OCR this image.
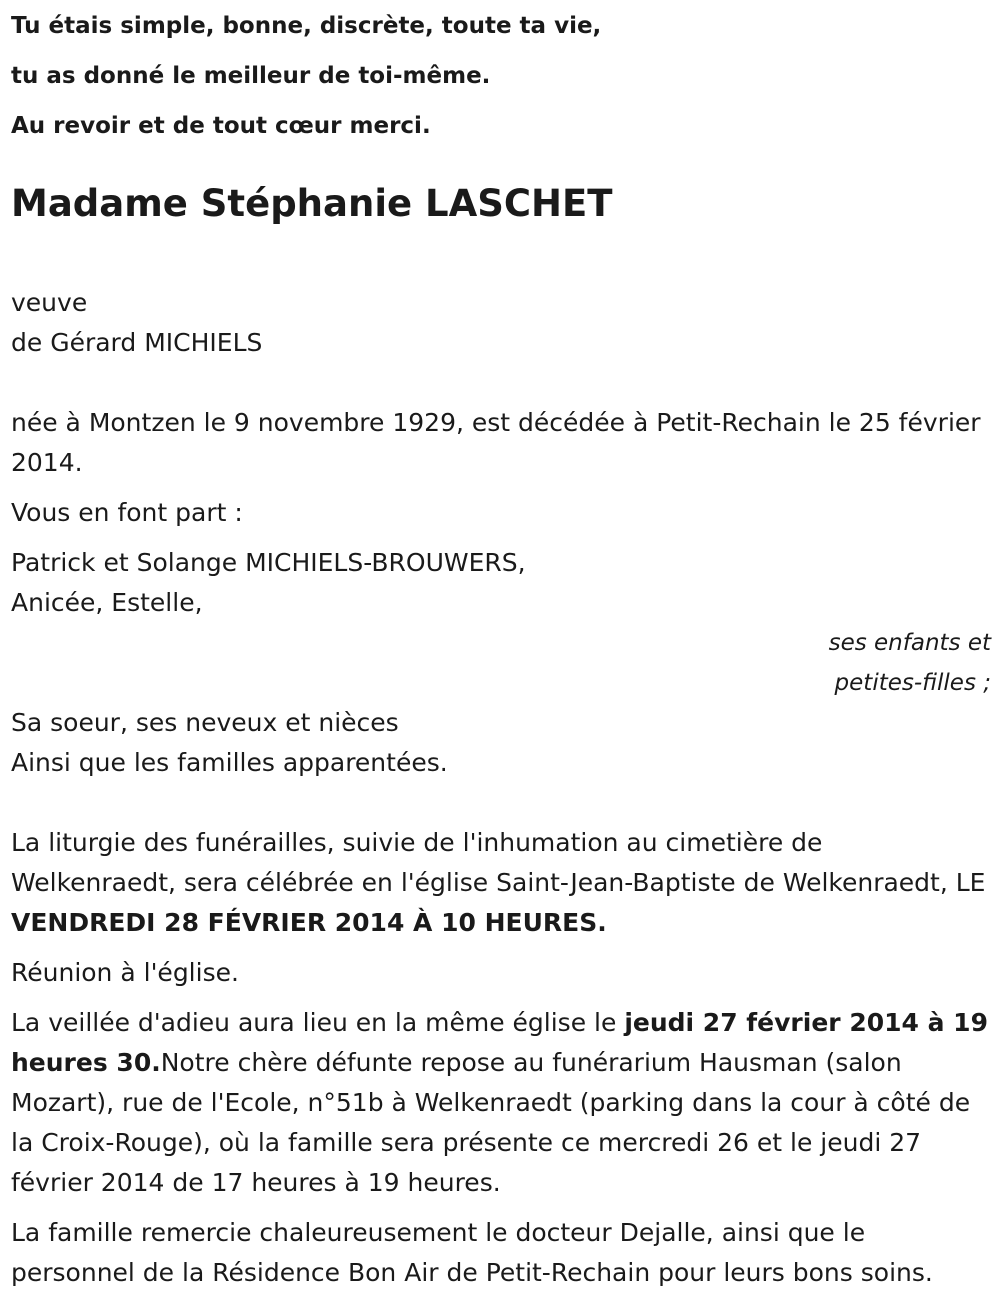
Tu étais simple, bonne, discrète, toute ta vie,

tu as donné le meilleur de toi-même.

Au revoir et de tout cœur merci.

Madame Stéphanie LASCHET

veuve

de Gérard MICHIELS

née à Montzen le 9 novembre 1929, est décédée à Petit-Rechain le 25 février 2014.

Vous en font part :

Patrick et Solange MICHIELS-BROUWERS,

Anicée, Estelle,

ses enfants et

petites-filles ;

Sa soeur, ses neveux et nièces

Ainsi que les familles apparentées.

La liturgie des funérailles, suivie de l'inhumation au cimetière de Welkenraedt, sera célébrée en l'église Saint-Jean-Baptiste de Welkenraedt, LE VENDREDI 28 FÉVRIER 2014 À 10 HEURES.

Réunion à l'église.

La veillée d'adieu aura lieu en la même église le jeudi 27 février 2014 à 19 heures 30.Notre chère défunte repose au funérarium Hausman (salon Mozart), rue de l'Ecole, n°51b à Welkenraedt (parking dans la cour à côté de la Croix-Rouge), où la famille sera présente ce mercredi 26 et le jeudi 27 février 2014 de 17 heures à 19 heures.

La famille remercie chaleureusement le docteur Dejalle, ainsi que le personnel de la Résidence Bon Air de Petit-Rechain pour leurs bons soins.
